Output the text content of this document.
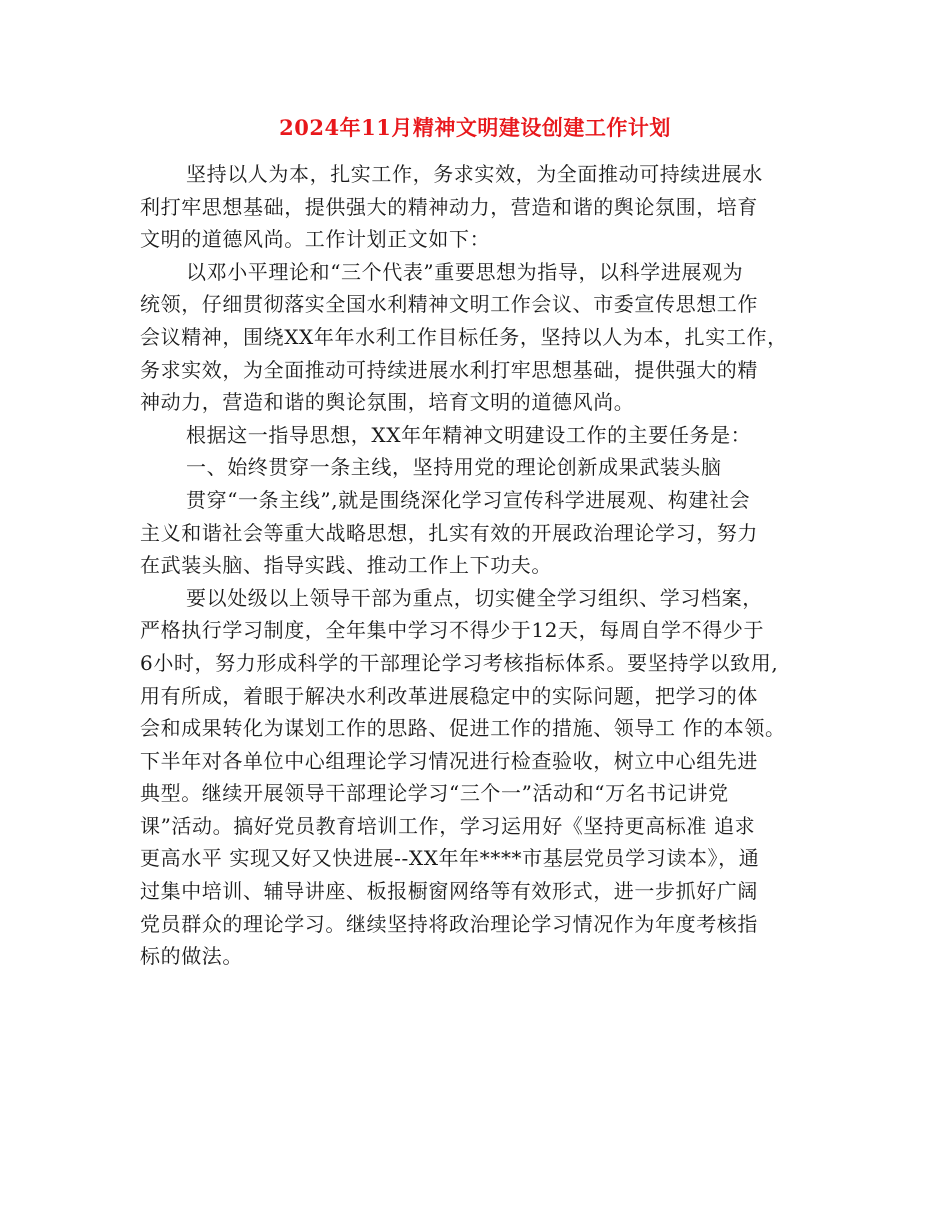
2024年11月精神文明建设创建工作计划
坚持以人为本，扎实工作，务求实效，为全面推动可持续进展水
利打牢思想基础，提供强大的精神动力，营造和谐的舆论氛围，培育
文明的道德风尚。工作计划正文如下：
以邓小平理论和“三个代表”重要思想为指导，以科学进展观为
统领，仔细贯彻落实全国水利精神文明工作会议、市委宣传思想工作
会议精神，围绕XX年年水利工作目标任务，坚持以人为本，扎实工作，
务求实效，为全面推动可持续进展水利打牢思想基础，提供强大的精
神动力，营造和谐的舆论氛围，培育文明的道德风尚。
根据这一指导思想，XX年年精神文明建设工作的主要任务是：
一、始终贯穿一条主线，坚持用党的理论创新成果武装头脑
贯穿“一条主线”,就是围绕深化学习宣传科学进展观、构建社会
主义和谐社会等重大战略思想，扎实有效的开展政治理论学习，努力
在武装头脑、指导实践、推动工作上下功夫。
要以处级以上领导干部为重点，切实健全学习组织、学习档案，
严格执行学习制度，全年集中学习不得少于12天，每周自学不得少于
6小时，努力形成科学的干部理论学习考核指标体系。要坚持学以致用,
用有所成，着眼于解决水利改革进展稳定中的实际问题，把学习的体
会和成果转化为谋划工作的思路、促进工作的措施、领导工 作的本领。
下半年对各单位中心组理论学习情况进行检查验收，树立中心组先进
典型。继续开展领导干部理论学习“三个一”活动和“万名书记讲党
课”活动。搞好党员教育培训工作，学习运用好《坚持更高标准 追求
更高水平 实现又好又快进展--XX年年****市基层党员学习读本》，通
过集中培训、辅导讲座、板报橱窗网络等有效形式，进一步抓好广阔
党员群众的理论学习。继续坚持将政治理论学习情况作为年度考核指
标的做法。
